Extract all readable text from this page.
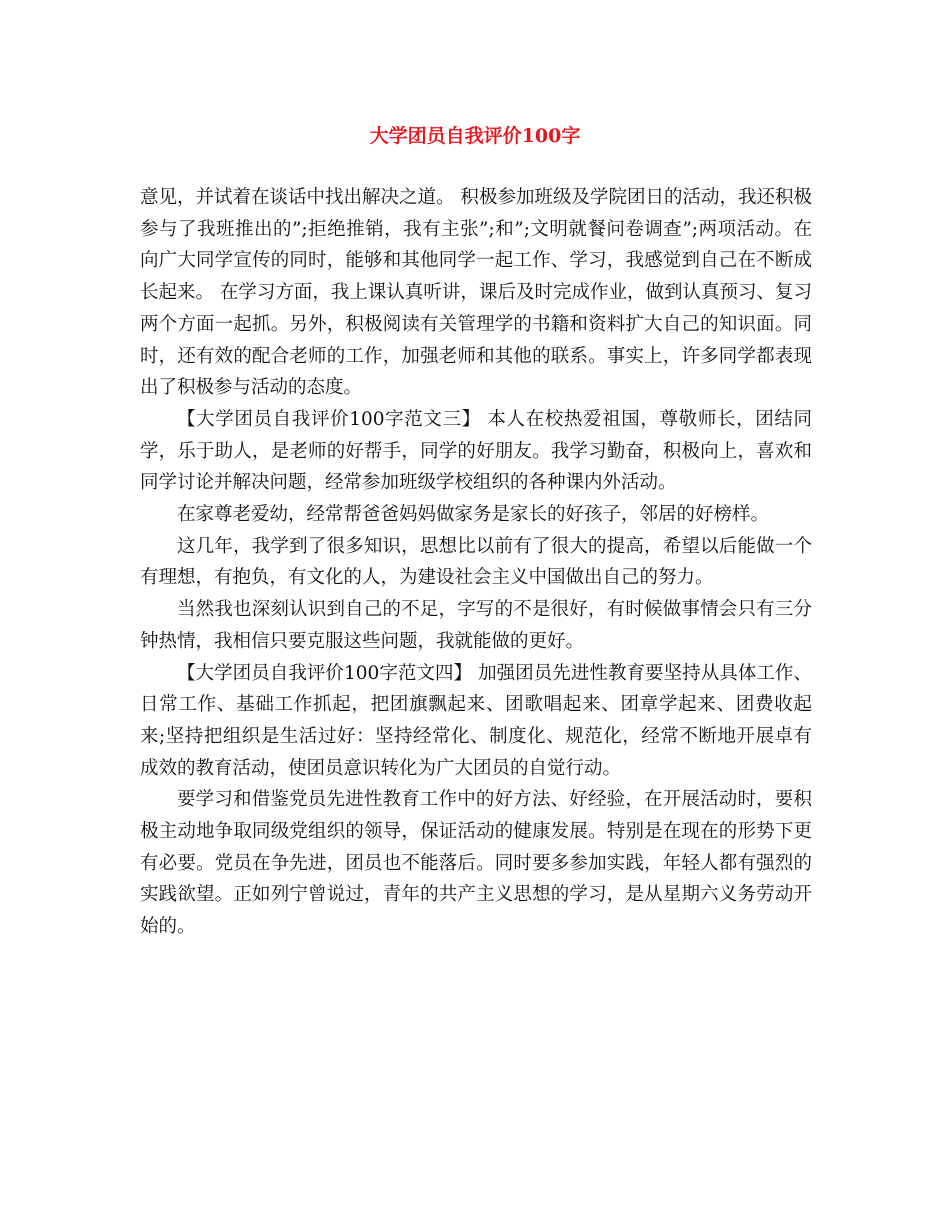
大学团员自我评价100字

意见，并试着在谈话中找出解决之道。 积极参加班级及学院团日的活动，我还积极参与了我班推出的”;拒绝推销，我有主张”;和”;文明就餐问卷调查”;两项活动。在向广大同学宣传的同时，能够和其他同学一起工作、学习，我感觉到自己在不断成长起来。 在学习方面，我上课认真听讲，课后及时完成作业，做到认真预习、复习两个方面一起抓。另外，积极阅读有关管理学的书籍和资料扩大自己的知识面。同时，还有效的配合老师的工作，加强老师和其他的联系。事实上，许多同学都表现出了积极参与活动的态度。

【大学团员自我评价100字范文三】 本人在校热爱祖国，尊敬师长，团结同学，乐于助人，是老师的好帮手，同学的好朋友。我学习勤奋，积极向上，喜欢和同学讨论并解决问题，经常参加班级学校组织的各种课内外活动。

在家尊老爱幼，经常帮爸爸妈妈做家务是家长的好孩子，邻居的好榜样。

这几年，我学到了很多知识，思想比以前有了很大的提高，希望以后能做一个有理想，有抱负，有文化的人，为建设社会主义中国做出自己的努力。

当然我也深刻认识到自己的不足，字写的不是很好，有时候做事情会只有三分钟热情，我相信只要克服这些问题，我就能做的更好。

【大学团员自我评价100字范文四】 加强团员先进性教育要坚持从具体工作、日常工作、基础工作抓起，把团旗飘起来、团歌唱起来、团章学起来、团费收起来;坚持把组织是生活过好：坚持经常化、制度化、规范化，经常不断地开展卓有成效的教育活动，使团员意识转化为广大团员的自觉行动。

要学习和借鉴党员先进性教育工作中的好方法、好经验，在开展活动时，要积极主动地争取同级党组织的领导，保证活动的健康发展。特别是在现在的形势下更有必要。党员在争先进，团员也不能落后。同时要多参加实践，年轻人都有强烈的实践欲望。正如列宁曾说过，青年的共产主义思想的学习，是从星期六义务劳动开始的。
